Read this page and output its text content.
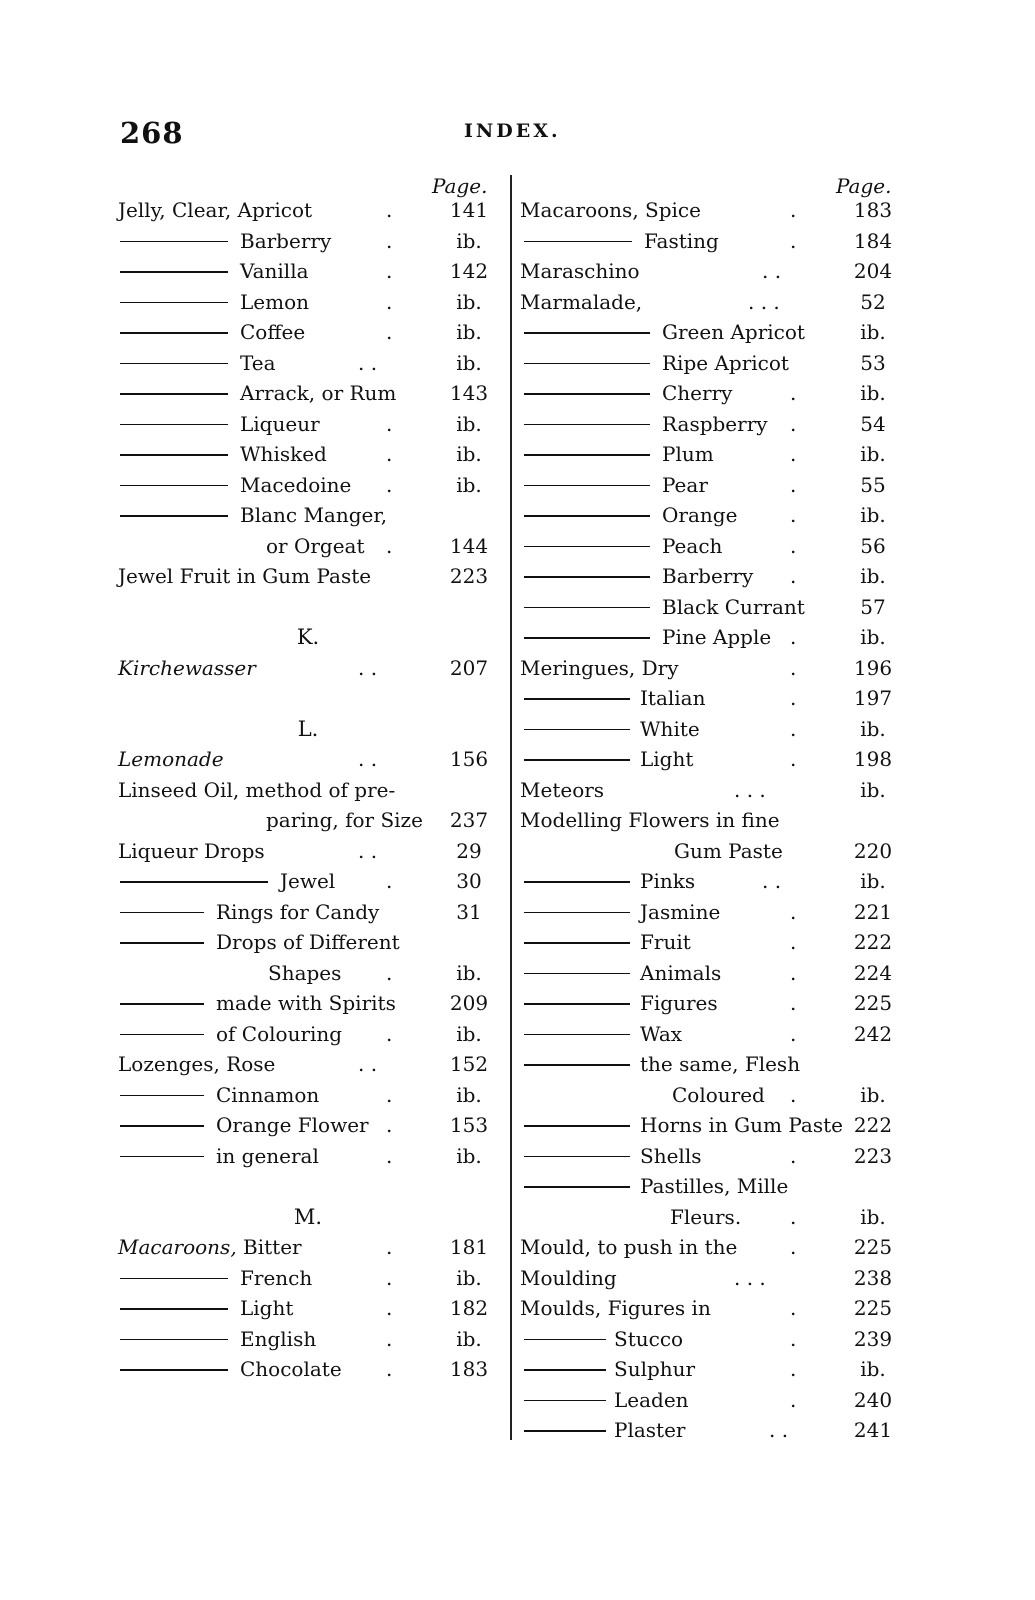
268	INDEX.
Page.	Page.
Jelly, Clear, Apricot	.	141
Barberry	.	ib.
Vanilla	.	142
Lemon	.	ib.
Coffee	.	ib.
Tea	. .	ib.
Arrack, or Rum	143
Liqueur	.	ib.
Whisked	.	ib.
Macedoine .	ib.
Blanc Manger,
or Orgeat .	144
Jewel Fruit in Gum Paste	223
K.
Kirchewasser	. .	207
L.
Lemonade	. .	156
Linseed Oil, method of pre-
paring, for Size 237
Liqueur Drops	. .	29
Jewel	.	30
Rings for Candy	31
Drops of Different
Shapes .	ib.
made with Spirits	209
of Colouring .	ib.
Lozenges, Rose	. .	152
Cinnamon	.	ib.
Orange Flower .	153
in general	.	ib.
M.
Macaroons, Bitter	.	181
French	.	ib.
Light	.	182
English	.	ib.
Chocolate .	183
Macaroons, Spice	.	183
Fasting	.	184
Maraschino	. .	204
Marmalade,	. . .	52
Green Apricot	ib.
Ripe Apricot	53
Cherry	.	ib.
Raspberry .	54
Plum	.	ib.
Pear	.	55
Orange	.	ib.
Peach	.	56
Barberry .	ib.
Black Currant	57
Pine Apple .	ib.
Meringues, Dry	.	196
Italian	.	197
White	.	ib.
Light	.	198
Meteors	. . .	ib.
Modelling Flowers in fine
Gum Paste	220
Pinks	. .	ib.
Jasmine	.	221
Fruit	.	222
Animals	.	224
Figures	.	225
Wax	.	242
the same, Flesh
Coloured .	ib.
Horns in Gum Paste 222
Shells	.	223
Pastilles, Mille
Fleurs. .	ib.
Mould, to push in the	.	225
Moulding	. . .	238
Moulds, Figures in	.	225
Stucco	.	239
Sulphur	.	ib.
Leaden	.	240
Plaster	. .	241
